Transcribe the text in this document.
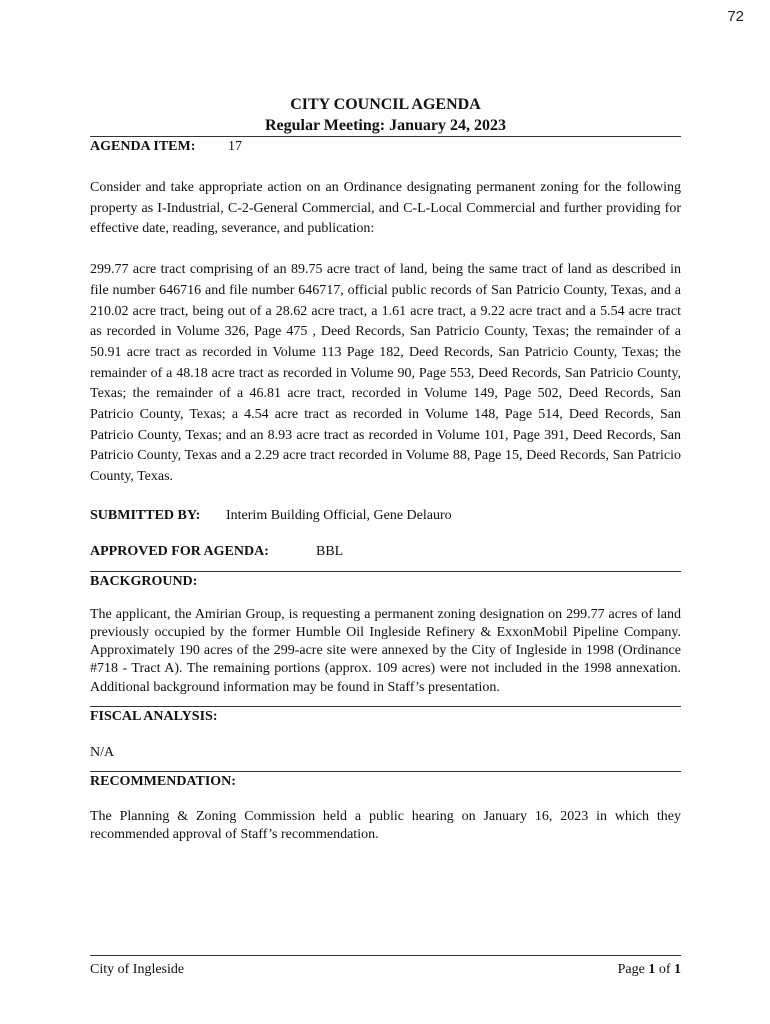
72
CITY COUNCIL AGENDA
Regular Meeting: January 24, 2023
AGENDA ITEM: 17

Consider and take appropriate action on an Ordinance designating permanent zoning for the following property as I-Industrial, C-2-General Commercial, and C-L-Local Commercial and further providing for effective date, reading, severance, and publication:

299.77 acre tract comprising of an 89.75 acre tract of land, being the same tract of land as described in file number 646716 and file number 646717, official public records of San Patricio County, Texas, and a 210.02 acre tract, being out of a 28.62 acre tract, a 1.61 acre tract, a 9.22 acre tract and a 5.54 acre tract as recorded in Volume 326, Page 475 , Deed Records, San Patricio County, Texas; the remainder of a 50.91 acre tract as recorded in Volume 113 Page 182, Deed Records, San Patricio County, Texas; the remainder of a 48.18 acre tract as recorded in Volume 90, Page 553, Deed Records, San Patricio County, Texas; the remainder of a 46.81 acre tract, recorded in Volume 149, Page 502, Deed Records, San Patricio County, Texas; a 4.54 acre tract as recorded in Volume 148, Page 514, Deed Records, San Patricio County, Texas; and an 8.93 acre tract as recorded in Volume 101, Page 391, Deed Records, San Patricio County, Texas and a 2.29 acre tract recorded in Volume 88, Page 15, Deed Records, San Patricio County, Texas.

SUBMITTED BY: Interim Building Official, Gene Delauro
APPROVED FOR AGENDA:	BBL
BACKGROUND:

The applicant, the Amirian Group, is requesting a permanent zoning designation on 299.77 acres of land previously occupied by the former Humble Oil Ingleside Refinery & ExxonMobil Pipeline Company. Approximately 190 acres of the 299-acre site were annexed by the City of Ingleside in 1998 (Ordinance #718 - Tract A). The remaining portions (approx. 109 acres) were not included in the 1998 annexation. Additional background information may be found in Staff’s presentation.

FISCAL ANALYSIS:
N/A
RECOMMENDATION:

The Planning & Zoning Commission held a public hearing on January 16, 2023 in which they recommended approval of Staff’s recommendation.

City of Ingleside	Page 1 of 1
